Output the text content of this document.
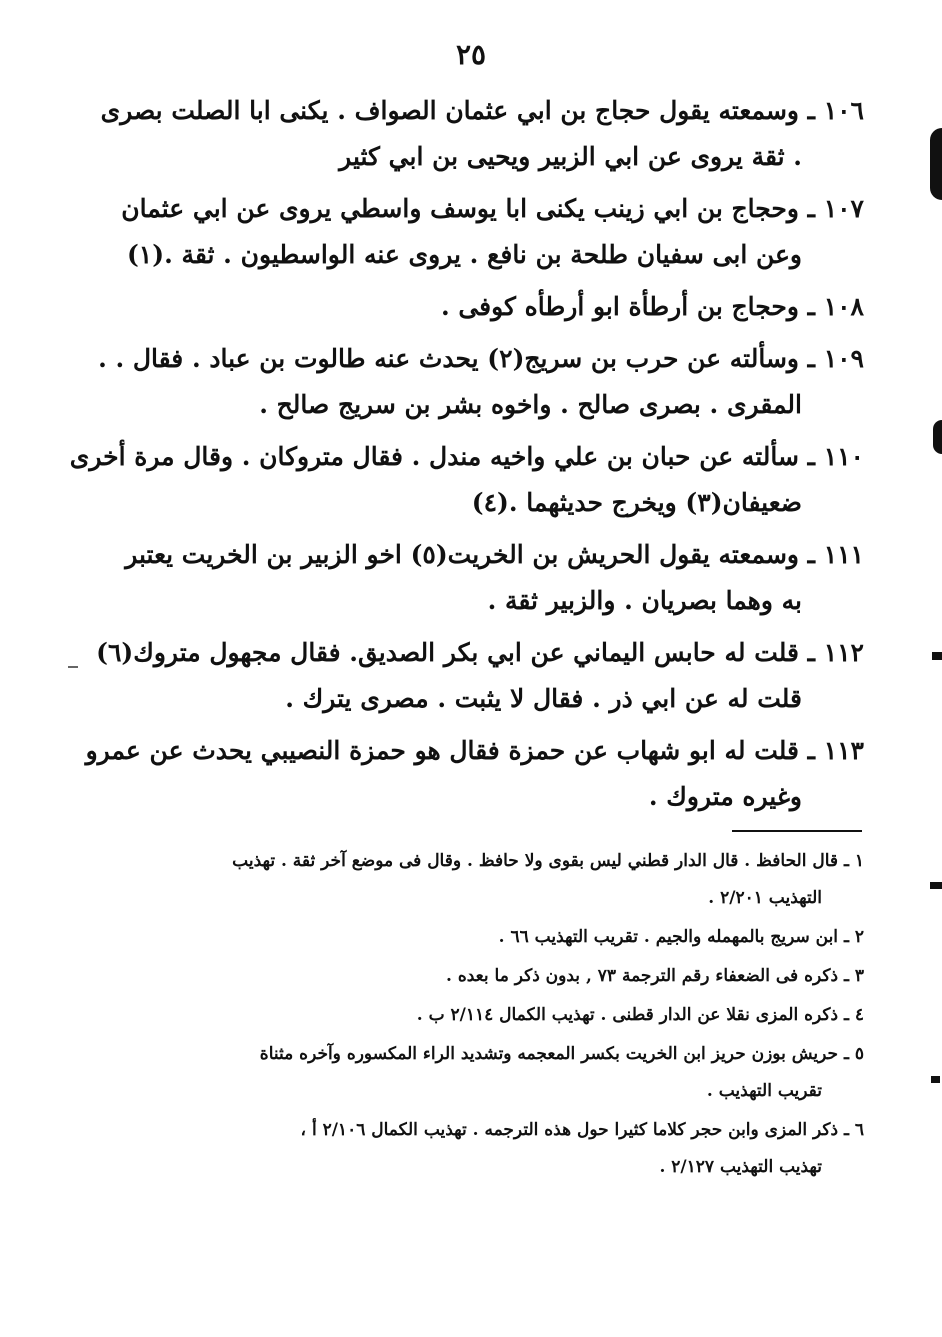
٢٥
١٠٦ ـ وسمعته يقول حجاج بن ابي عثمان الصواف . يكنى ابا الصلت بصرى
. ثقة يروى عن ابي الزبير ويحيى بن ابي كثير
١٠٧ ـ وحجاج بن ابي زينب يكنى ابا يوسف واسطي يروى عن ابي عثمان
وعن ابى سفيان طلحة بن نافع . يروى عنه الواسطيون . ثقة .(١)
١٠٨ ـ وحجاج بن أرطأة ابو أرطأه كوفى .
١٠٩ ـ وسألته عن حرب بن سريج(٢) يحدث عنه طالوت بن عباد . فقال . .
المقرى . بصرى صالح . واخوه بشر بن سريج صالح .
١١٠ ـ سألته عن حبان بن علي واخيه مندل . فقال متروكان . وقال مرة أخرى
ضعيفان(٣) ويخرج حديثهما .(٤)
١١١ ـ وسمعته يقول الحريش بن الخريت(٥) اخو الزبير بن الخريت يعتبر
به وهما بصريان . والزبير ثقة .
١١٢ ـ قلت له حابس اليماني عن ابي بكر الصديق. فقال مجهول متروك(٦)
قلت له عن ابي ذر . فقال لا يثبت . مصرى يترك .
١١٣ ـ قلت له ابو شهاب عن حمزة فقال هو حمزة النصيبي يحدث عن عمرو
وغيره متروك .
١ ـ قال الحافظ . قال الدار قطني ليس بقوى ولا حافظ . وقال فى موضع آخر ثقة . تهذيب
التهذيب ٢/٢٠١ .
٢ ـ ابن سريج بالمهمله والجيم . تقريب التهذيب ٦٦ .
٣ ـ ذكره فى الضعفاء رقم الترجمة ٧٣ , بدون ذكر ما بعده .
٤ ـ ذكره المزى نقلا عن الدار قطنى . تهذيب الكمال ٢/١١٤ ب .
٥ ـ حريش بوزن حريز ابن الخريت بكسر المعجمه وتشديد الراء المكسوره وآخره مثناة
تقريب التهذيب .
٦ ـ ذكر المزى وابن حجر كلاما كثيرا حول هذه الترجمه . تهذيب الكمال ٢/١٠٦ أ ،
تهذيب التهذيب ٢/١٢٧ .
